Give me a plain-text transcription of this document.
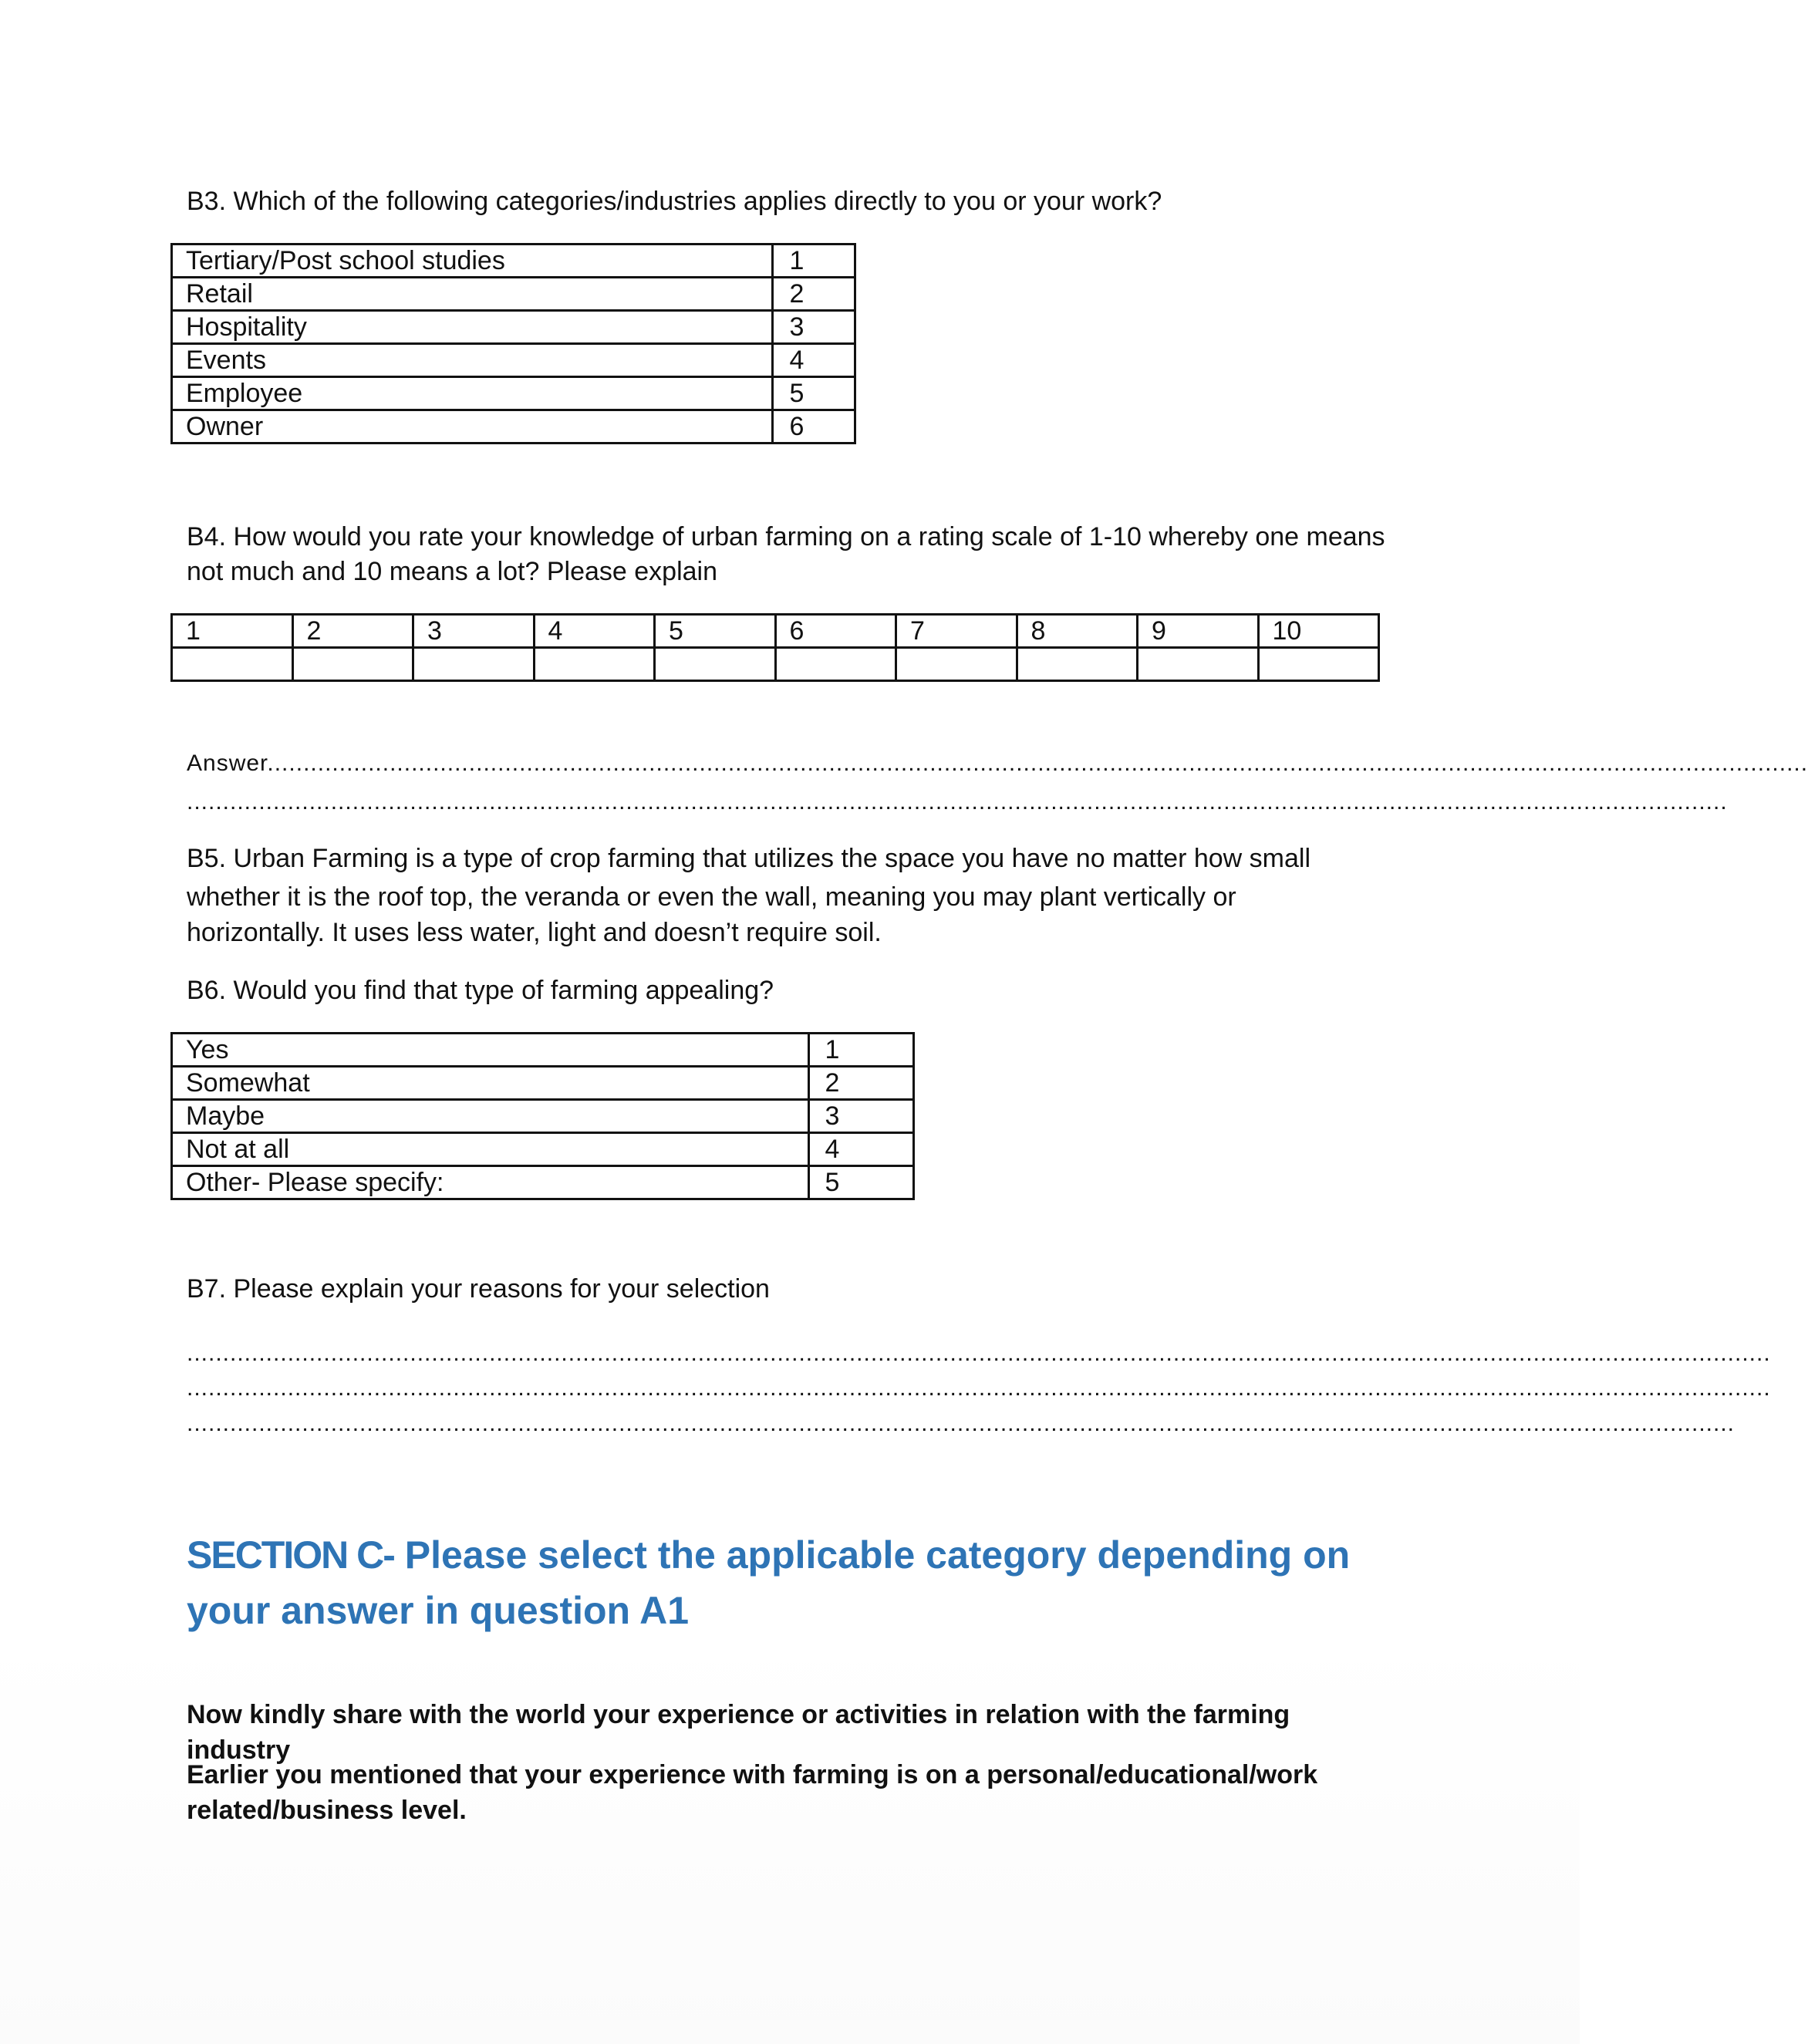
B3. Which of the following categories/industries applies directly to you or your work?

Tertiary/Post school studies	1
Retail	2
Hospitality	3
Events	4
Employee	5
Owner	6

B4. How would you rate your knowledge of urban farming on a rating scale of 1-10 whereby one means

not much and 10 means a lot? Please explain

1	2	3	4	5	6	7	8	9	10

Answer......................................................................................................................................................................................................................

......................................................................................................................................................................................................................

B5. Urban Farming is a type of crop farming that utilizes the space you have no matter how small

whether it is the roof top, the veranda or even the wall, meaning you may plant vertically or

horizontally. It uses less water, light and doesn’t require soil.

B6. Would you find that type of farming appealing?

Yes	1
Somewhat	2
Maybe	3
Not at all	4
Other- Please specify:	5

B7. Please explain your reasons for your selection

............................................................................................................................................................................................................................

............................................................................................................................................................................................................................

.......................................................................................................................................................................................................................

SECTION C- Please select the applicable category depending on your answer in question A1

Now kindly share with the world your experience or activities in relation with the farming industry

Earlier you mentioned that your experience with farming is on a personal/educational/work related/business level.
